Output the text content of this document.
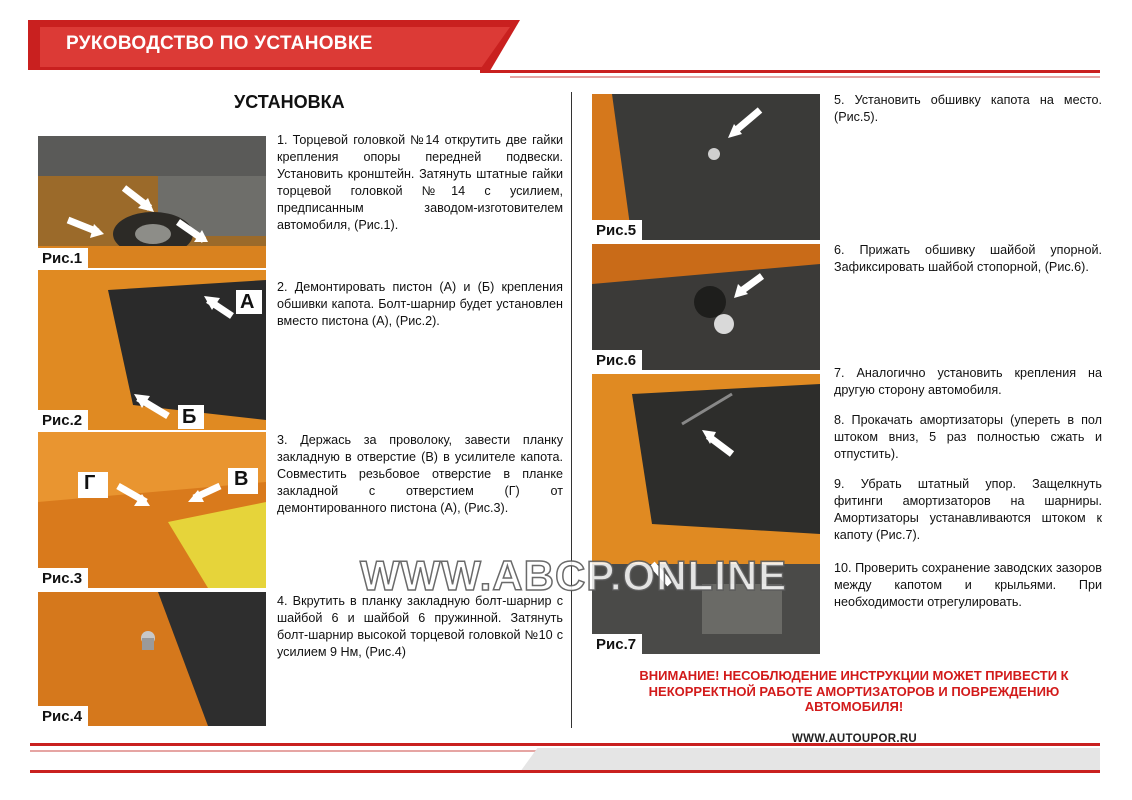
РУКОВОДСТВО ПО УСТАНОВКЕ
УСТАНОВКА
Рис.1
А
Б
Рис.2
Г	В
Рис.3
Рис.4
Рис.5
Рис.6
Рис.7
1. Торцевой головкой №14 открутить две гайки крепления опоры передней подвески. Установить кронштейн. Затянуть штатные гайки торцевой головкой №14 с усилием, предписанным заводом-изготовителем автомобиля, (Рис.1).
2. Демонтировать пистон (А) и (Б) крепления обшивки капота. Болт-шарнир будет установлен вместо пистона (А), (Рис.2).
3. Держась за проволоку, завести планку закладную в отверстие (В) в усилителе капота. Совместить резьбовое отверстие в планке закладной с отверстием (Г) от демонтированного пистона (А), (Рис.3).
4. Вкрутить в планку закладную болт-шарнир с шайбой 6 и шайбой 6 пружинной. Затянуть болт-шарнир высокой торцевой головкой №10 с усилием 9 Нм, (Рис.4)
5. Установить обшивку капота на место. (Рис.5).
6. Прижать обшивку шайбой упорной. Зафиксировать шайбой стопорной, (Рис.6).
7. Аналогично установить крепления на другую сторону автомобиля.
8. Прокачать амортизаторы (упереть в пол штоком вниз, 5 раз полностью сжать и отпустить).
9. Убрать штатный упор. Защелкнуть фитинги амортизаторов на шарниры. Амортизаторы устанавливаются штоком к капоту (Рис.7).
10. Проверить сохранение заводских зазоров между капотом и крыльями. При необходимости отрегулировать.
ВНИМАНИЕ! НЕСОБЛЮДЕНИЕ ИНСТРУКЦИИ МОЖЕТ ПРИВЕСТИ К
НЕКОРРЕКТНОЙ РАБОТЕ АМОРТИЗАТОРОВ И ПОВРЕЖДЕНИЮ
АВТОМОБИЛЯ!
WWW.ABCP.ONLINE
WWW.AUTOUPOR.RU
